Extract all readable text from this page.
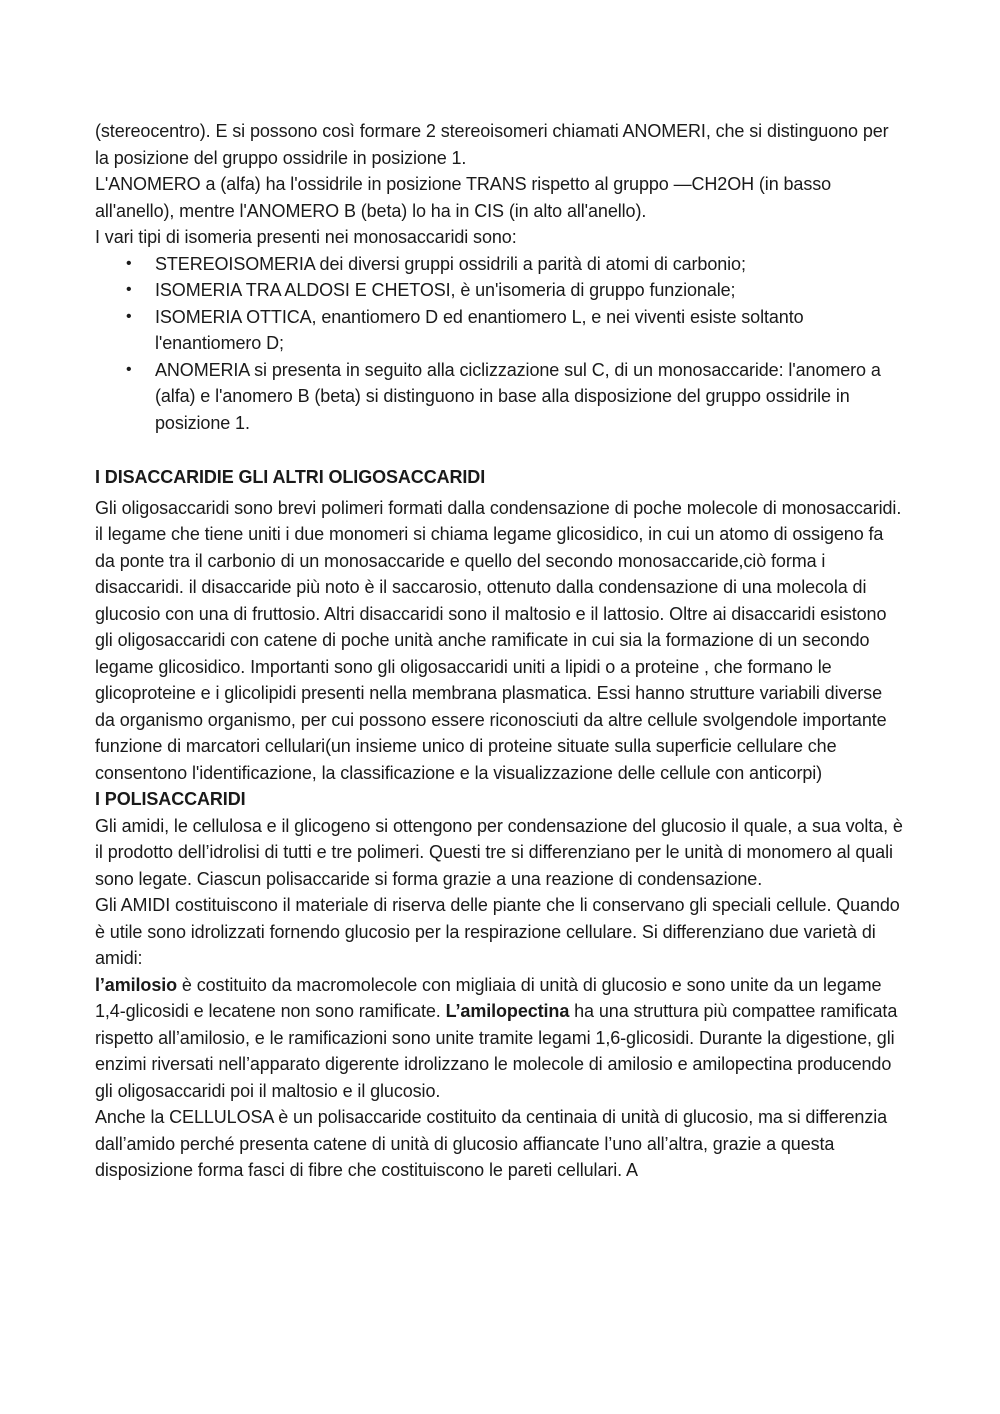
(stereocentro). E si possono così formare 2 stereoisomeri chiamati ANOMERI, che si distinguono per la posizione del gruppo ossidrile in posizione 1.

L'ANOMERO a (alfa) ha l'ossidrile in posizione TRANS rispetto al gruppo —CH2OH (in basso all'anello), mentre l'ANOMERO B (beta) lo ha in CIS (in alto all'anello).

I vari tipi di isomeria presenti nei monosaccaridi sono:

• STEREOISOMERIA dei diversi gruppi ossidrili a parità di atomi di carbonio;
• ISOMERIA TRA ALDOSI E CHETOSI, è un'isomeria di gruppo funzionale;
• ISOMERIA OTTICA, enantiomero D ed enantiomero L, e nei viventi esiste soltanto l'enantiomero D;
• ANOMERIA si presenta in seguito alla ciclizzazione sul C, di un monosaccaride: l'anomero a (alfa) e l'anomero B (beta) si distinguono in base alla disposizione del gruppo ossidrile in posizione 1.
I DISACCARIDIE GLI ALTRI OLIGOSACCARIDI

Gli oligosaccaridi sono brevi polimeri formati dalla condensazione di poche molecole di monosaccaridi. il legame che tiene uniti i due monomeri si chiama legame glicosidico, in cui un atomo di ossigeno fa da ponte tra il carbonio di un monosaccaride e quello del secondo monosaccaride,ciò forma i disaccaridi. il disaccaride più noto è il saccarosio, ottenuto dalla condensazione di una molecola di glucosio con una di fruttosio. Altri disaccaridi sono il maltosio e il lattosio. Oltre ai disaccaridi esistono gli oligosaccaridi con catene di poche unità anche ramificate in cui sia la formazione di un secondo legame glicosidico. Importanti sono gli oligosaccaridi uniti a lipidi o a proteine , che formano le glicoproteine e i glicolipidi presenti nella membrana plasmatica. Essi hanno strutture variabili diverse da organismo organismo, per cui possono essere riconosciuti da altre cellule svolgendole importante funzione di marcatori cellulari(un insieme unico di proteine situate sulla superficie cellulare che consentono l'identificazione, la classificazione e la visualizzazione delle cellule con anticorpi)

I POLISACCARIDI

Gli amidi, le cellulosa e il glicogeno si ottengono per condensazione del glucosio il quale, a sua volta, è il prodotto dell’idrolisi di tutti e tre polimeri. Questi tre si differenziano per le unità di monomero al quali sono legate. Ciascun polisaccaride si forma grazie a una reazione di condensazione.

Gli AMIDI costituiscono il materiale di riserva delle piante che li conservano gli speciali cellule. Quando è utile sono idrolizzati fornendo glucosio per la respirazione cellulare. Si differenziano due varietà di amidi:

l’amilosio è costituito da macromolecole con migliaia di unità di glucosio e sono unite da un legame 1,4-glicosidi e lecatene non sono ramificate. L’amilopectina ha una struttura più compattee ramificata rispetto all’amilosio, e le ramificazioni sono unite tramite legami 1,6-glicosidi. Durante la digestione, gli enzimi riversati nell’apparato digerente idrolizzano le molecole di amilosio e amilopectina producendo gli oligosaccaridi poi il maltosio e il glucosio.

Anche la CELLULOSA è un polisaccaride costituito da centinaia di unità di glucosio, ma si differenzia dall’amido perché presenta catene di unità di glucosio affiancate l’uno all’altra, grazie a questa disposizione forma fasci di fibre che costituiscono le pareti cellulari. A
